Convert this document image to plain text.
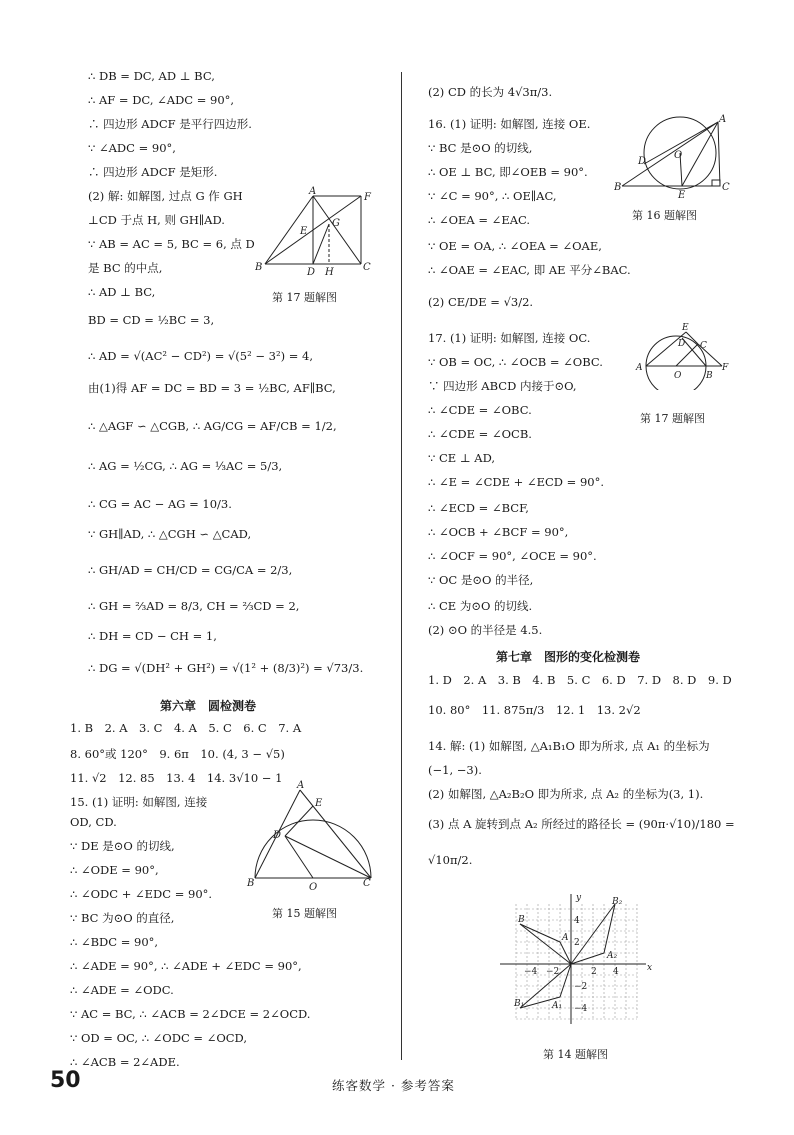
∴ DB = DC, AD ⊥ BC,
∴ AF = DC, ∠ADC = 90°,
∴ 四边形 ADCF 是平行四边形.
∵ ∠ADC = 90°,
∴ 四边形 ADCF 是矩形.
(2) 解: 如解图, 过点 G 作 GH
⊥CD 于点 H, 则 GH∥AD.
∵ AB = AC = 5, BC = 6, 点 D
是 BC 的中点,
∴ AD ⊥ BC,
BD = CD = ½BC = 3,
∴ AD = √(AC² − CD²) = √(5² − 3²) = 4,
由(1)得 AF = DC = BD = 3 = ½BC, AF∥BC,
∴ △AGF ∽ △CGB, ∴ AG/CG = AF/CB = 1/2,
∴ AG = ½CG, ∴ AG = ⅓AC = 5/3,
∴ CG = AC − AG = 10/3.
∵ GH∥AD, ∴ △CGH ∽ △CAD,
∴ GH/AD = CH/CD = CG/CA = 2/3,
∴ GH = ⅔AD = 8/3, CH = ⅔CD = 2,
∴ DH = CD − CH = 1,
∴ DG = √(DH² + GH²) = √(1² + (8/3)²) = √73/3.
第六章　圆检测卷
1. B　2. A　3. C　4. A　5. C　6. C　7. A
8. 60°或 120°　9. 6π　10. (4, 3 − √5)
11. √2　12. 85　13. 4　14. 3√10 − 1
15. (1) 证明: 如解图, 连接
OD, CD.
∵ DE 是⊙O 的切线,
∴ ∠ODE = 90°,
∴ ∠ODC + ∠EDC = 90°.
∵ BC 为⊙O 的直径,
∴ ∠BDC = 90°,
∴ ∠ADE = 90°, ∴ ∠ADE + ∠EDC = 90°,
∴ ∠ADE = ∠ODC.
∵ AC = BC, ∴ ∠ACB = 2∠DCE = 2∠OCD.
∵ OD = OC, ∴ ∠ODC = ∠OCD,
∴ ∠ACB = 2∠ADE.
A
F
G
E
B	D H	C
第 17 题解图
A
E
D
B	O	C
第 15 题解图
(2) CD 的长为 4√3π/3.
16. (1) 证明: 如解图, 连接 OE.
∵ BC 是⊙O 的切线,
∴ OE ⊥ BC, 即∠OEB = 90°.
∵ ∠C = 90°, ∴ OE∥AC,
∴ ∠OEA = ∠EAC.
∵ OE = OA, ∴ ∠OEA = ∠OAE,
∴ ∠OAE = ∠EAC, 即 AE 平分∠BAC.
(2) CE/DE = √3/2.
17. (1) 证明: 如解图, 连接 OC.
∵ OB = OC, ∴ ∠OCB = ∠OBC.
∵ 四边形 ABCD 内接于⊙O,
∴ ∠CDE = ∠OBC.
∴ ∠CDE = ∠OCB.
∵ CE ⊥ AD,
∴ ∠E = ∠CDE + ∠ECD = 90°.
∴ ∠ECD = ∠BCF,
∴ ∠OCB + ∠BCF = 90°,
∴ ∠OCF = 90°, ∠OCE = 90°.
∵ OC 是⊙O 的半径,
∴ CE 为⊙O 的切线.
(2) ⊙O 的半径是 4.5.
A
O
D
B
E
C
第 16 题解图
E
D C
A
O	B
F
第 17 题解图
第七章　图形的变化检测卷
1. D　2. A　3. B　4. B　5. C　6. D　7. D　8. D　9. D
10. 80°　11. 875π/3　12. 1　13. 2√2
14. 解: (1) 如解图, △A₁B₁O 即为所求, 点 A₁ 的坐标为
(−1, −3).
(2) 如解图, △A₂B₂O 即为所求, 点 A₂ 的坐标为(3, 1).
(3) 点 A 旋转到点 A₂ 所经过的路径长 = (90π·√10)/180 =
√10π/2.
y
x
B
A₂
A
B₂
B₁	A₁
4
2
−4 −2	2 4
−2
−4
第 14 题解图
50	练客数学 · 参考答案
